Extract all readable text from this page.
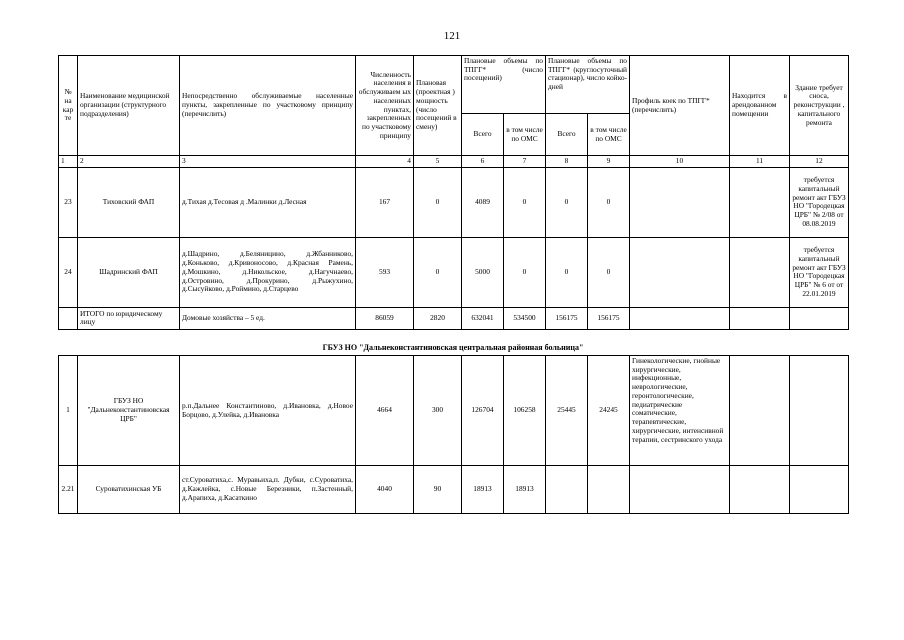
121
№ на кар те	Наименование медицинской организации (структурного подразделения)	Непосредственно обслуживаемые населенные пункты, закрепленные по участковому принципу (перечислить)	Численность населения в обслуживаем ых населенных пунктах, закрепленных по участковому принципу	Плановая (проектная ) мощность (число посещений в смену)	Плановые объемы по ТПГГ* (число посещений)		Плановые объемы по ТПГГ* (круглосуточный стационар), число койко-дней		Профиль коек по ТПГГ* (перечислить)	Находится в арендованном помещении	Здание требует сноса, реконструкции , капитального ремонта
					Всего	в том числе по ОМС	Всего	в том числе по ОМС			
1	2	3	4	5	6	7	8	9	10	11	12
23	Тиховский ФАП	д.Тихая д.Тесовая д .Малинки д.Лесная	167	0	4089	0	0	0			требуется капитальный ремонт акт ГБУЗ НО "Городецкая ЦРБ" № 2/08 от 08.08.2019
24	Шадринский ФАП	д.Шадрино, д.Беляницино, д.Жбанниково, д.Коньково, д.Кривоносово, д.Красная Рамень, д.Мошкино, д.Никольское, д.Нагучнаево, д.Островино, д.Прокурино, д.Рыжухино, д.Сысуйково, д.Роймино, д.Старцево	593	0	5000	0	0	0			требуется капитальный ремонт акт ГБУЗ НО "Городецкая ЦРБ" № 6 от от 22.01.2019
	ИТОГО по юридическому лицу	Домовые хозяйства – 5 ед.	86059	2820	632041	534500	156175	156175			
ГБУЗ НО "Дальнеконстантиновская центральная районная больница"
1	ГБУЗ НО "Дальнеконстантиновская ЦРБ"	р.п.Дальнее Константиново, д.Ивановка, д.Новое Борцово, д.Улейка, д.Ивановка	4664	300	126704	106258	25445	24245	Гинекологические, гнойные хирургические, инфекционные, неврологические, геронтологические, педиатрические соматические, терапевтические, хирургические, интенсивной терапии, сестринского ухода		
2.21	Суроватихинская УБ	ст.Суроватиха,с. Муравьиха,п. Дубки, с.Суроватиха, д.Кажлейка, с.Новые Березники, п.Застенный, д.Арапиха, д.Касаткино	4040	90	18913	18913					
